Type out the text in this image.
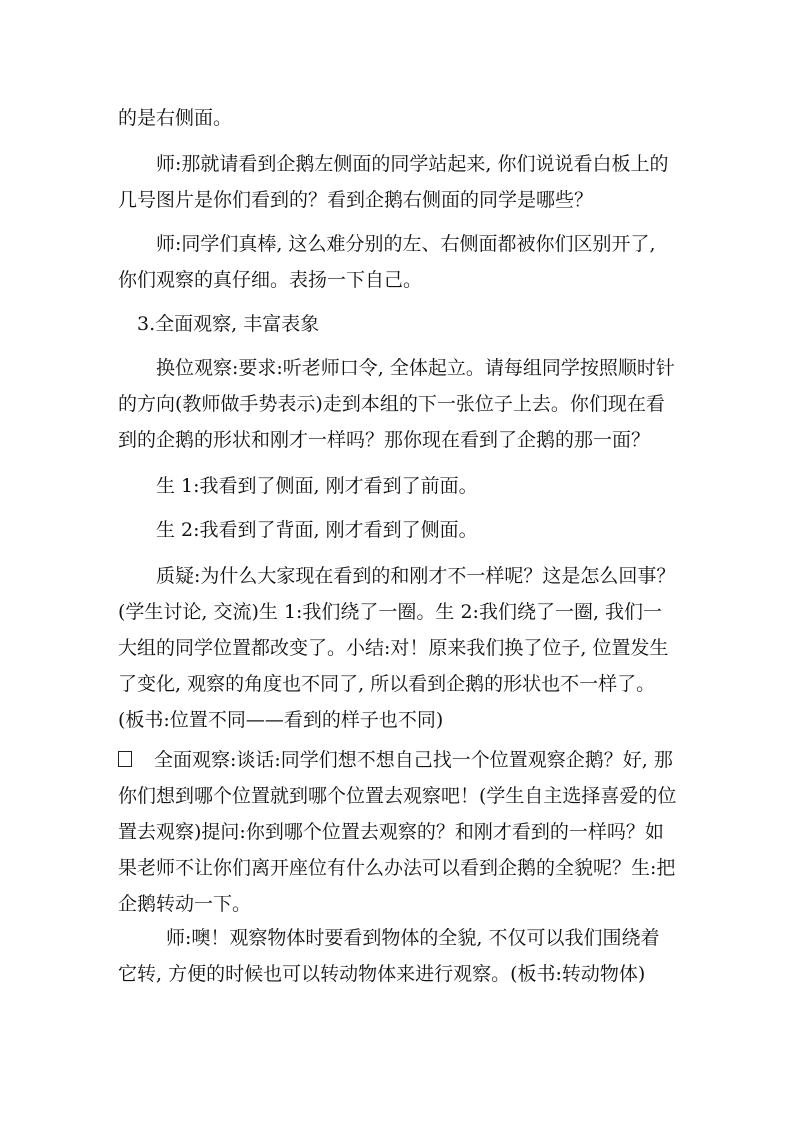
的是右侧面。

师:那就请看到企鹅左侧面的同学站起来, 你们说说看白板上的几号图片是你们看到的？看到企鹅右侧面的同学是哪些？

师:同学们真棒, 这么难分别的左、右侧面都被你们区别开了, 你们观察的真仔细。表扬一下自己。

3.全面观察, 丰富表象

换位观察:要求:听老师口令, 全体起立。请每组同学按照顺时针的方向(教师做手势表示)走到本组的下一张位子上去。你们现在看到的企鹅的形状和刚才一样吗？那你现在看到了企鹅的那一面？

生 1:我看到了侧面, 刚才看到了前面。

生 2:我看到了背面, 刚才看到了侧面。

质疑:为什么大家现在看到的和刚才不一样呢？这是怎么回事？(学生讨论, 交流)生 1:我们绕了一圈。生 2:我们绕了一圈, 我们一大组的同学位置都改变了。小结:对！原来我们换了位子, 位置发生了变化, 观察的角度也不同了, 所以看到企鹅的形状也不一样了。(板书:位置不同——看到的样子也不同)

全面观察:谈话:同学们想不想自己找一个位置观察企鹅？好, 那你们想到哪个位置就到哪个位置去观察吧！(学生自主选择喜爱的位置去观察)提问:你到哪个位置去观察的？和刚才看到的一样吗？如果老师不让你们离开座位有什么办法可以看到企鹅的全貌呢？生:把企鹅转动一下。

师:噢！观察物体时要看到物体的全貌, 不仅可以我们围绕着它转, 方便的时候也可以转动物体来进行观察。(板书:转动物体)
